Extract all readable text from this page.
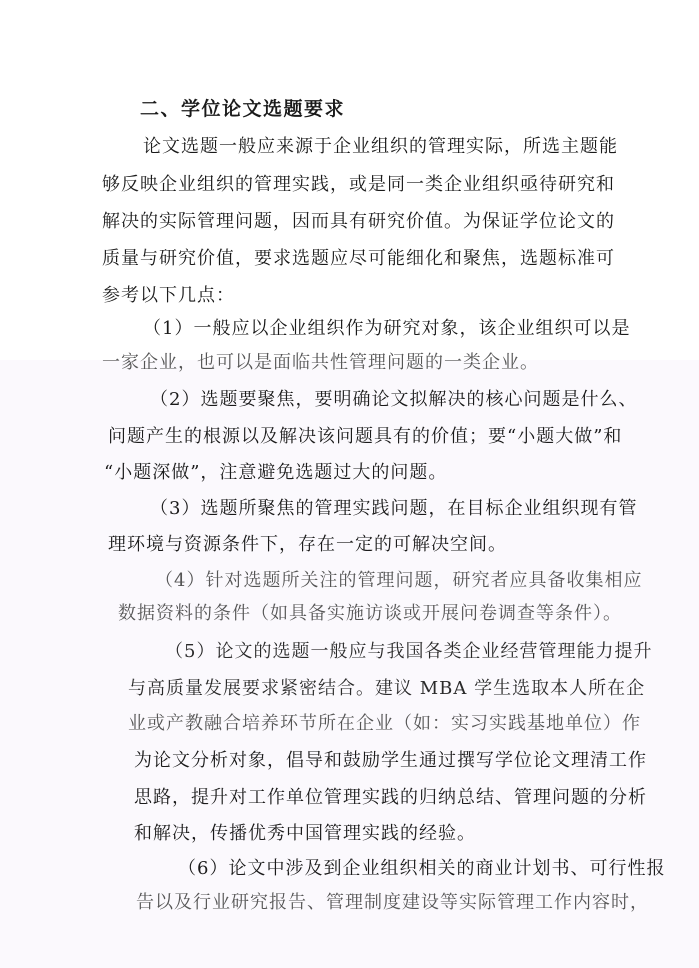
二、学位论文选题要求
论文选题一般应来源于企业组织的管理实际，所选主题能
够反映企业组织的管理实践，或是同一类企业组织亟待研究和
解决的实际管理问题，因而具有研究价值。为保证学位论文的
质量与研究价值，要求选题应尽可能细化和聚焦，选题标准可
参考以下几点：
（1）一般应以企业组织作为研究对象，该企业组织可以是
一家企业，也可以是面临共性管理问题的一类企业。
（2）选题要聚焦，要明确论文拟解决的核心问题是什么、
问题产生的根源以及解决该问题具有的价值；要“小题大做”和
“小题深做”，注意避免选题过大的问题。
（3）选题所聚焦的管理实践问题，在目标企业组织现有管
理环境与资源条件下，存在一定的可解决空间。
（4）针对选题所关注的管理问题，研究者应具备收集相应
数据资料的条件（如具备实施访谈或开展问卷调查等条件）。
（5）论文的选题一般应与我国各类企业经营管理能力提升
与高质量发展要求紧密结合。建议 MBA 学生选取本人所在企
业或产教融合培养环节所在企业（如：实习实践基地单位）作
为论文分析对象，倡导和鼓励学生通过撰写学位论文理清工作
思路，提升对工作单位管理实践的归纳总结、管理问题的分析
和解决，传播优秀中国管理实践的经验。
（6）论文中涉及到企业组织相关的商业计划书、可行性报
告以及行业研究报告、管理制度建设等实际管理工作内容时，
